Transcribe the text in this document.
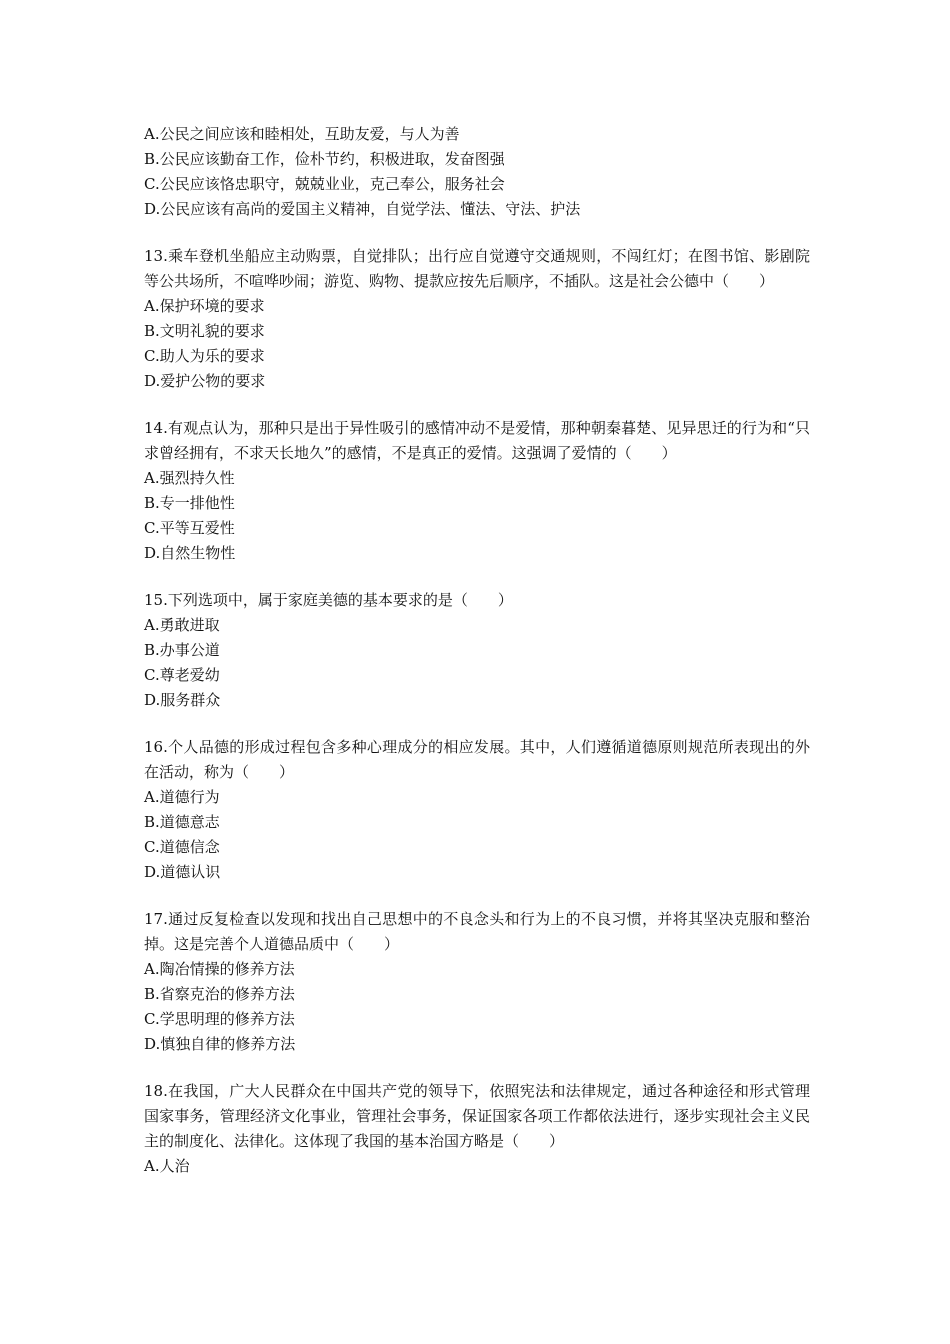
A.公民之间应该和睦相处，互助友爱，与人为善

B.公民应该勤奋工作，俭朴节约，积极进取，发奋图强

C.公民应该恪忠职守，兢兢业业，克己奉公，服务社会

D.公民应该有高尚的爱国主义精神，自觉学法、懂法、守法、护法

13.乘车登机坐船应主动购票，自觉排队；出行应自觉遵守交通规则，不闯红灯；在图书馆、影剧院等公共场所，不喧哗吵闹；游览、购物、提款应按先后顺序，不插队。这是社会公德中（　　）

A.保护环境的要求

B.文明礼貌的要求

C.助人为乐的要求

D.爱护公物的要求

14.有观点认为，那种只是出于异性吸引的感情冲动不是爱情，那种朝秦暮楚、见异思迁的行为和“只求曾经拥有，不求天长地久”的感情，不是真正的爱情。这强调了爱情的（　　）

A.强烈持久性

B.专一排他性

C.平等互爱性

D.自然生物性

15.下列选项中，属于家庭美德的基本要求的是（　　）

A.勇敢进取

B.办事公道

C.尊老爱幼

D.服务群众

16.个人品德的形成过程包含多种心理成分的相应发展。其中，人们遵循道德原则规范所表现出的外在活动，称为（　　）

A.道德行为

B.道德意志

C.道德信念

D.道德认识

17.通过反复检查以发现和找出自己思想中的不良念头和行为上的不良习惯，并将其坚决克服和整治掉。这是完善个人道德品质中（　　）

A.陶冶情操的修养方法

B.省察克治的修养方法

C.学思明理的修养方法

D.慎独自律的修养方法

18.在我国，广大人民群众在中国共产党的领导下，依照宪法和法律规定，通过各种途径和形式管理国家事务，管理经济文化事业，管理社会事务，保证国家各项工作都依法进行，逐步实现社会主义民主的制度化、法律化。这体现了我国的基本治国方略是（　　）

A.人治
